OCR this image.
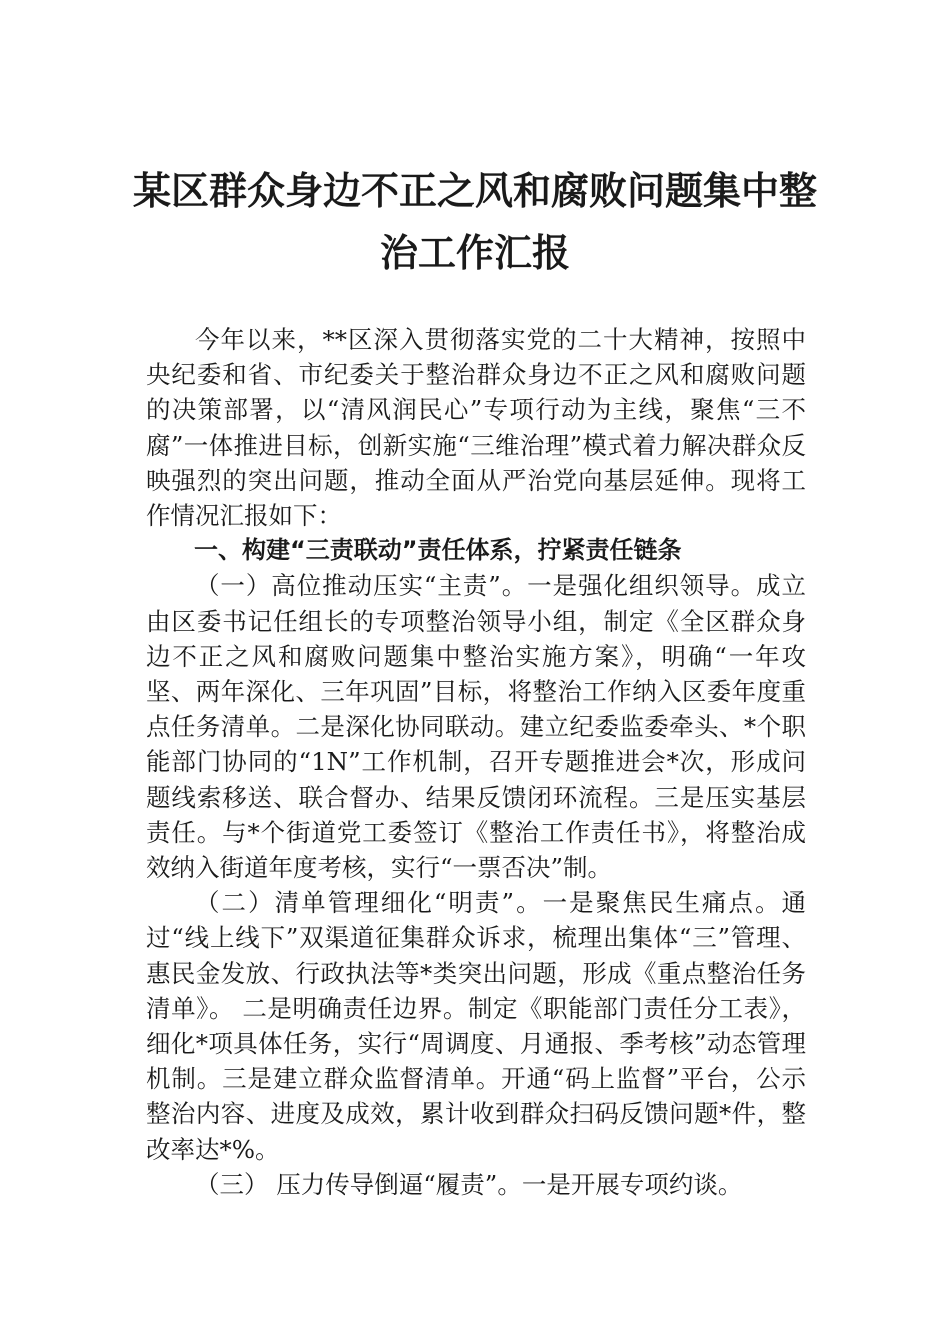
某区群众身边不正之风和腐败问题集中整
治工作汇报

今年以来，**区深入贯彻落实党的二十大精神，按照中央纪委和省、市纪委关于整治群众身边不正之风和腐败问题的决策部署，以“清风润民心”专项行动为主线，聚焦“三不腐”一体推进目标，创新实施“三维治理”模式着力解决群众反映强烈的突出问题，推动全面从严治党向基层延伸。现将工作情况汇报如下：

一、构建“三责联动”责任体系，拧紧责任链条

（一）高位推动压实“主责”。一是强化组织领导。成立由区委书记任组长的专项整治领导小组，制定《全区群众身边不正之风和腐败问题集中整治实施方案》，明确“一年攻坚、两年深化、三年巩固”目标，将整治工作纳入区委年度重点任务清单。二是深化协同联动。建立纪委监委牵头、*个职能部门协同的“1N”工作机制，召开专题推进会*次，形成问题线索移送、联合督办、结果反馈闭环流程。三是压实基层责任。与*个街道党工委签订《整治工作责任书》，将整治成效纳入街道年度考核，实行“一票否决”制。

（二）清单管理细化“明责”。一是聚焦民生痛点。通过“线上线下”双渠道征集群众诉求，梳理出集体“三”管理、惠民金发放、行政执法等*类突出问题，形成《重点整治任务清单》。 二是明确责任边界。制定《职能部门责任分工表》，细化*项具体任务，实行“周调度、月通报、季考核”动态管理机制。三是建立群众监督清单。开通“码上监督”平台，公示整治内容、进度及成效，累计收到群众扫码反馈问题*件，整改率达*%。

（三） 压力传导倒逼“履责”。一是开展专项约谈。
